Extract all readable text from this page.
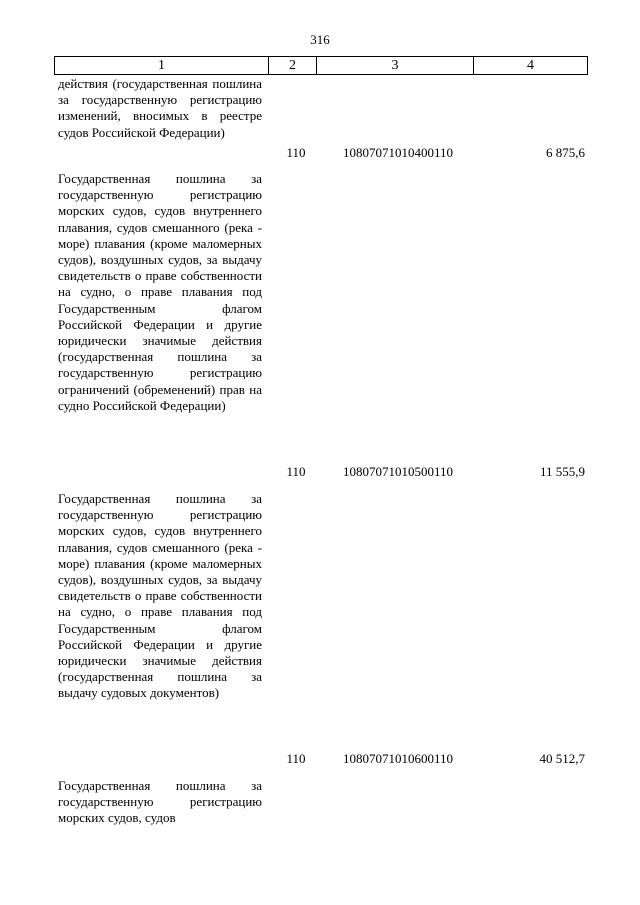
316
1	2	3	4
действия (государственная пошлина за государственную регистрацию изменений, вносимых в реестре судов Российской Федерации)
110	10807071010400110	6 875,6
Государственная пошлина за государственную регистрацию морских судов, судов внутреннего плавания, судов смешанного (река - море) плавания (кроме маломерных судов), воздушных судов, за выдачу свидетельств о праве собственности на судно, о праве плавания под Государственным флагом Российской Федерации и другие юридически значимые действия (государственная пошлина за государственную регистрацию ограничений (обременений) прав на судно Российской Федерации)
110	10807071010500110	11 555,9
Государственная пошлина за государственную регистрацию морских судов, судов внутреннего плавания, судов смешанного (река - море) плавания (кроме маломерных судов), воздушных судов, за выдачу свидетельств о праве собственности на судно, о праве плавания под Государственным флагом Российской Федерации и другие юридически значимые действия (государственная пошлина за выдачу судовых документов)
110	10807071010600110	40 512,7
Государственная пошлина за государственную регистрацию морских судов, судов
